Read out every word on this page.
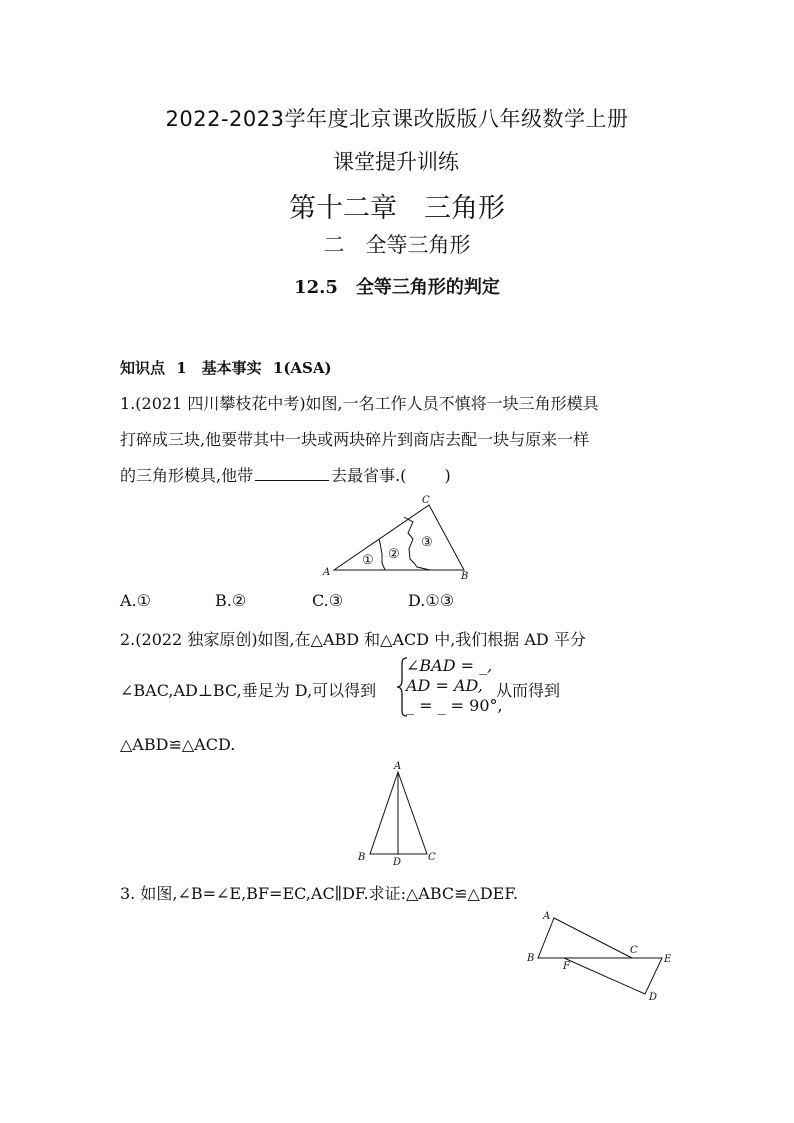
2022-2023学年度北京课改版版八年级数学上册
课堂提升训练
第十二章　三角形
二　全等三角形
12.5　全等三角形的判定
知识点 1　基本事实 1(ASA)
1.(2021 四川攀枝花中考)如图,一名工作人员不慎将一块三角形模具
打碎成三块,他要带其中一块或两块碎片到商店去配一块与原来一样
的三角形模具,他带	去最省事.( )
A	B
C
① ②
③
A.①	B.②	C.③	D.①③
2.(2022 独家原创)如图,在△ABD 和△ACD 中,我们根据 AD 平分
∠BAC,AD⊥BC,垂足为 D,可以得到
∠BAD = _,
AD = AD,
_ = _ = 90°,
从而得到
△ABD≌△ACD.
A
B	C
D
3. 如图,∠B=∠E,BF=EC,AC∥DF.求证:△ABC≌△DEF.
A
B
C
D
E
F
